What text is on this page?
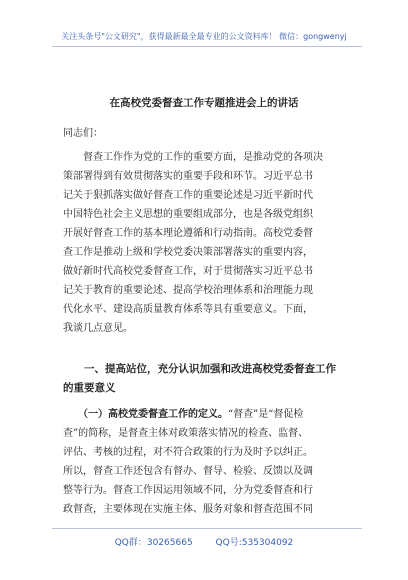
关注头条号"公文研究"，获得最新最全最专业的公文资料库！ 微信：gongwenyj
在高校党委督查工作专题推进会上的讲话
同志们：
　　督查工作作为党的工作的重要方面，是推动党的各项决
策部署得到有效贯彻落实的重要手段和环节。习近平总书
记关于狠抓落实做好督查工作的重要论述是习近平新时代
中国特色社会主义思想的重要组成部分，也是各级党组织
开展好督查工作的基本理论遵循和行动指南。高校党委督
查工作是推动上级和学校党委决策部署落实的重要内容，
做好新时代高校党委督查工作，对于贯彻落实习近平总书
记关于教育的重要论述、提高学校治理体系和治理能力现
代化水平、建设高质量教育体系等具有重要意义。下面，
我谈几点意见。
　　一、提高站位，充分认识加强和改进高校党委督查工作
的重要意义
　　（一）高校党委督查工作的定义。“督查”是“督促检
查”的简称，是督查主体对政策落实情况的检查、监督、
评估、考核的过程，对不符合政策的行为及时予以纠正。
所以，督查工作还包含有督办、督导、检验、反馈以及调
整等行为。督查工作因运用领域不同，分为党委督查和行
政督查，主要体现在实施主体、服务对象和督查范围不同
QQ群：30265665	QQ号:535304092
